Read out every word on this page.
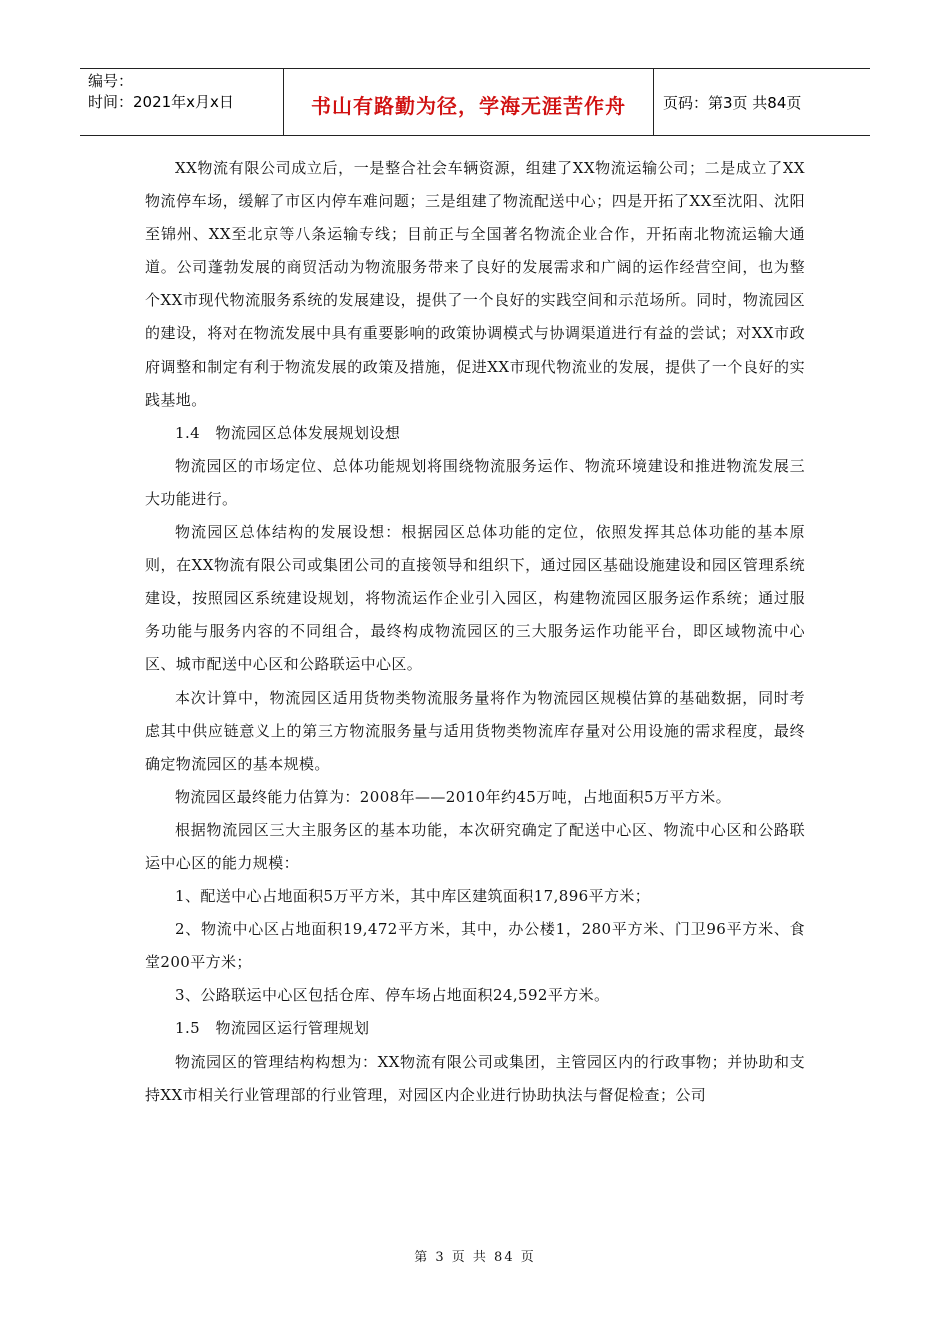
编号：
时间：2021年x月x日	书山有路勤为径，学海无涯苦作舟	页码：第3页 共84页

XX物流有限公司成立后，一是整合社会车辆资源，组建了XX物流运输公司；二是成立了XX物流停车场，缓解了市区内停车难问题；三是组建了物流配送中心；四是开拓了XX至沈阳、沈阳至锦州、XX至北京等八条运输专线；目前正与全国著名物流企业合作，开拓南北物流运输大通道。公司蓬勃发展的商贸活动为物流服务带来了良好的发展需求和广阔的运作经营空间，也为整个XX市现代物流服务系统的发展建设，提供了一个良好的实践空间和示范场所。同时，物流园区的建设，将对在物流发展中具有重要影响的政策协调模式与协调渠道进行有益的尝试；对XX市政府调整和制定有利于物流发展的政策及措施，促进XX市现代物流业的发展，提供了一个良好的实践基地。

1.4　物流园区总体发展规划设想

物流园区的市场定位、总体功能规划将围绕物流服务运作、物流环境建设和推进物流发展三大功能进行。

物流园区总体结构的发展设想：根据园区总体功能的定位，依照发挥其总体功能的基本原则，在XX物流有限公司或集团公司的直接领导和组织下，通过园区基础设施建设和园区管理系统建设，按照园区系统建设规划，将物流运作企业引入园区，构建物流园区服务运作系统；通过服务功能与服务内容的不同组合，最终构成物流园区的三大服务运作功能平台，即区域物流中心区、城市配送中心区和公路联运中心区。

本次计算中，物流园区适用货物类物流服务量将作为物流园区规模估算的基础数据，同时考虑其中供应链意义上的第三方物流服务量与适用货物类物流库存量对公用设施的需求程度，最终确定物流园区的基本规模。

物流园区最终能力估算为：2008年——2010年约45万吨，占地面积5万平方米。

根据物流园区三大主服务区的基本功能，本次研究确定了配送中心区、物流中心区和公路联运中心区的能力规模：

1、配送中心占地面积5万平方米，其中库区建筑面积17,896平方米；

2、物流中心区占地面积19,472平方米，其中，办公楼1，280平方米、门卫96平方米、食堂200平方米；

3、公路联运中心区包括仓库、停车场占地面积24,592平方米。

1.5　物流园区运行管理规划

物流园区的管理结构构想为：XX物流有限公司或集团，主管园区内的行政事物；并协助和支持XX市相关行业管理部的行业管理，对园区内企业进行协助执法与督促检查；公司

第 3 页 共 84 页
